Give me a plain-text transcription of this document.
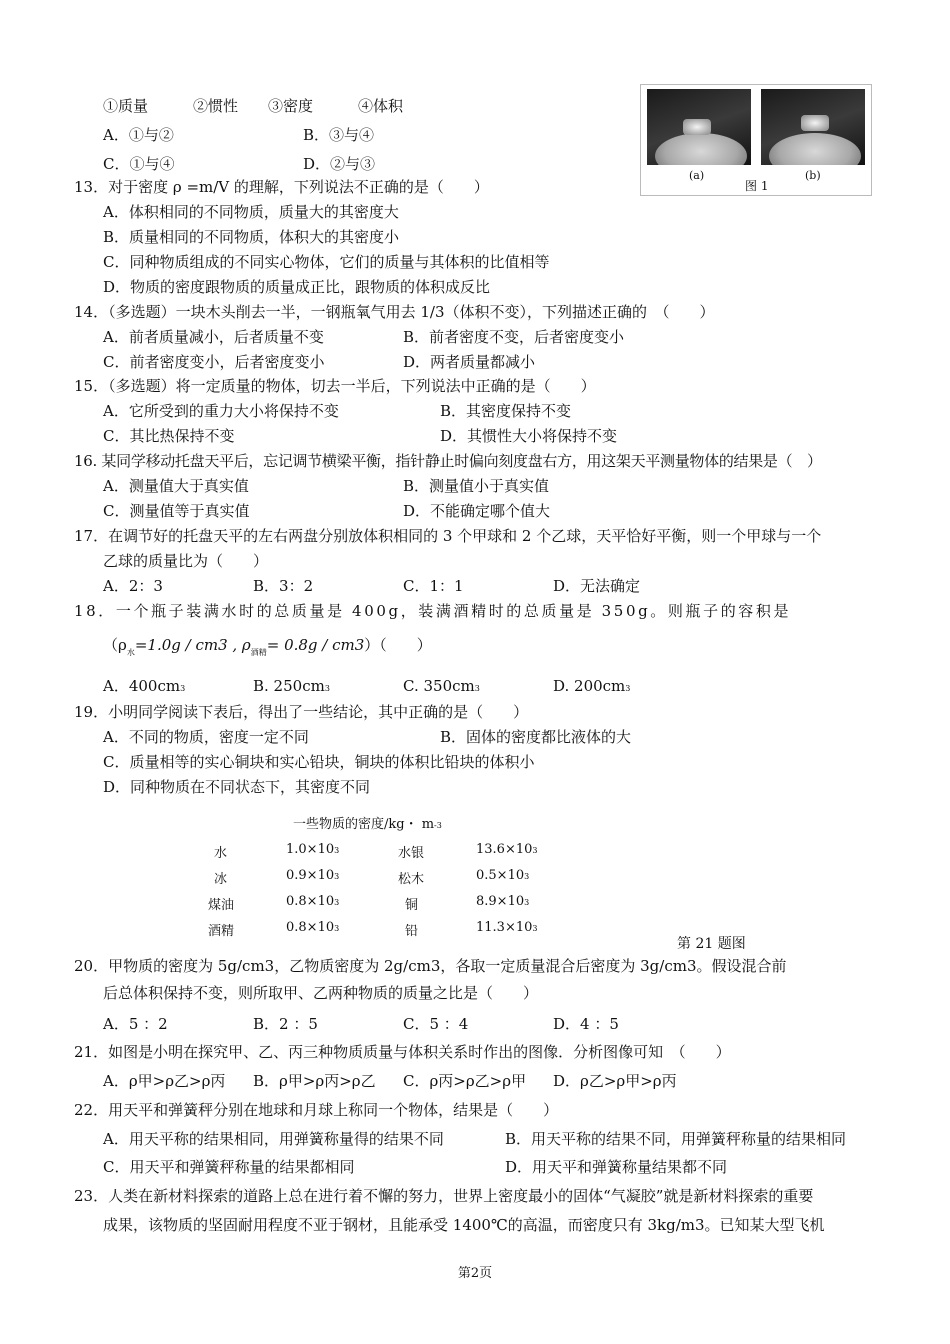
(a)
图 1
(b)
①质量　　　②惯性　　③密度　　　④体积
A．①与②	B．③与④
C．①与④	D．②与③
13．对于密度 ρ =m/V 的理解，下列说法不正确的是（　　）
A．体积相同的不同物质，质量大的其密度大
B．质量相同的不同物质，体积大的其密度小
C．同种物质组成的不同实心物体，它们的质量与其体积的比值相等
D．物质的密度跟物质的质量成正比，跟物质的体积成反比
14．（多选题）一块木头削去一半，一钢瓶氧气用去 1/3（体积不变），下列描述正确的　（　　）
A．前者质量减小，后者质量不变	B．前者密度不变，后者密度变小
C．前者密度变小，后者密度变小	D．两者质量都减小
15．（多选题）将一定质量的物体，切去一半后，下列说法中正确的是（　　）
A．它所受到的重力大小将保持不变	B．其密度保持不变
C．其比热保持不变	D．其惯性大小将保持不变
16. 某同学移动托盘天平后，忘记调节横梁平衡，指针静止时偏向刻度盘右方，用这架天平测量物体的结果是（　）
A．测量值大于真实值	B．测量值小于真实值
C．测量值等于真实值	D．不能确定哪个值大
17．在调节好的托盘天平的左右两盘分别放体积相同的 3 个甲球和 2 个乙球，天平恰好平衡，则一个甲球与一个
乙球的质量比为（　　）
A．2：3	B．3：2	C．1：1	D．无法确定
18．一个瓶子装满水时的总质量是 400g，装满酒精时的总质量是 350g。则瓶子的容积是
（$\rho_水=1.0g / cm3$ , $\rho_{酒精}= 0.8g / cm3$）（　　）
A．400cm3	B. 250cm3	C. 350cm3	D. 200cm3
19．小明同学阅读下表后，得出了一些结论，其中正确的是（　　）
A．不同的物质，密度一定不同	B．固体的密度都比液体的大
C．质量相等的实心铜块和实心铅块，铜块的体积比铅块的体积小
D．同种物质在不同状态下，其密度不同
一些物质的密度/kg・ m-3
水	1.0×103	水银	13.6×103
冰	0.9×103	松木	0.5×103
煤油	0.8×103	铜	8.9×103
酒精	0.8×103	铅	11.3×103
第 21 题图
20．甲物质的密度为 5g/cm3，乙物质密度为 2g/cm3，各取一定质量混合后密度为 3g/cm3。假设混合前
后总体积保持不变，则所取甲、乙两种物质的质量之比是（　　）
A．5 ：2	B．2 ：5	C．5 ：4	D．4 ：5
21．如图是小明在探究甲、乙、丙三种物质质量与体积关系时作出的图像．分析图像可知　（　　）
A．ρ甲>ρ乙>ρ丙 B．ρ甲>ρ丙>ρ乙 C．ρ丙>ρ乙>ρ甲 D．ρ乙>ρ甲>ρ丙
22．用天平和弹簧秤分别在地球和月球上称同一个物体，结果是（　　）
A．用天平称的结果相同，用弹簧称量得的结果不同	B．用天平称的结果不同，用弹簧秤称量的结果相同
C．用天平和弹簧秤称量的结果都相同	D．用天平和弹簧称量结果都不同
23．人类在新材料探索的道路上总在进行着不懈的努力，世界上密度最小的固体“气凝胶”就是新材料探索的重要
成果，该物质的坚固耐用程度不亚于钢材，且能承受 1400℃的高温，而密度只有 3kg/m3。已知某大型飞机
第2页
